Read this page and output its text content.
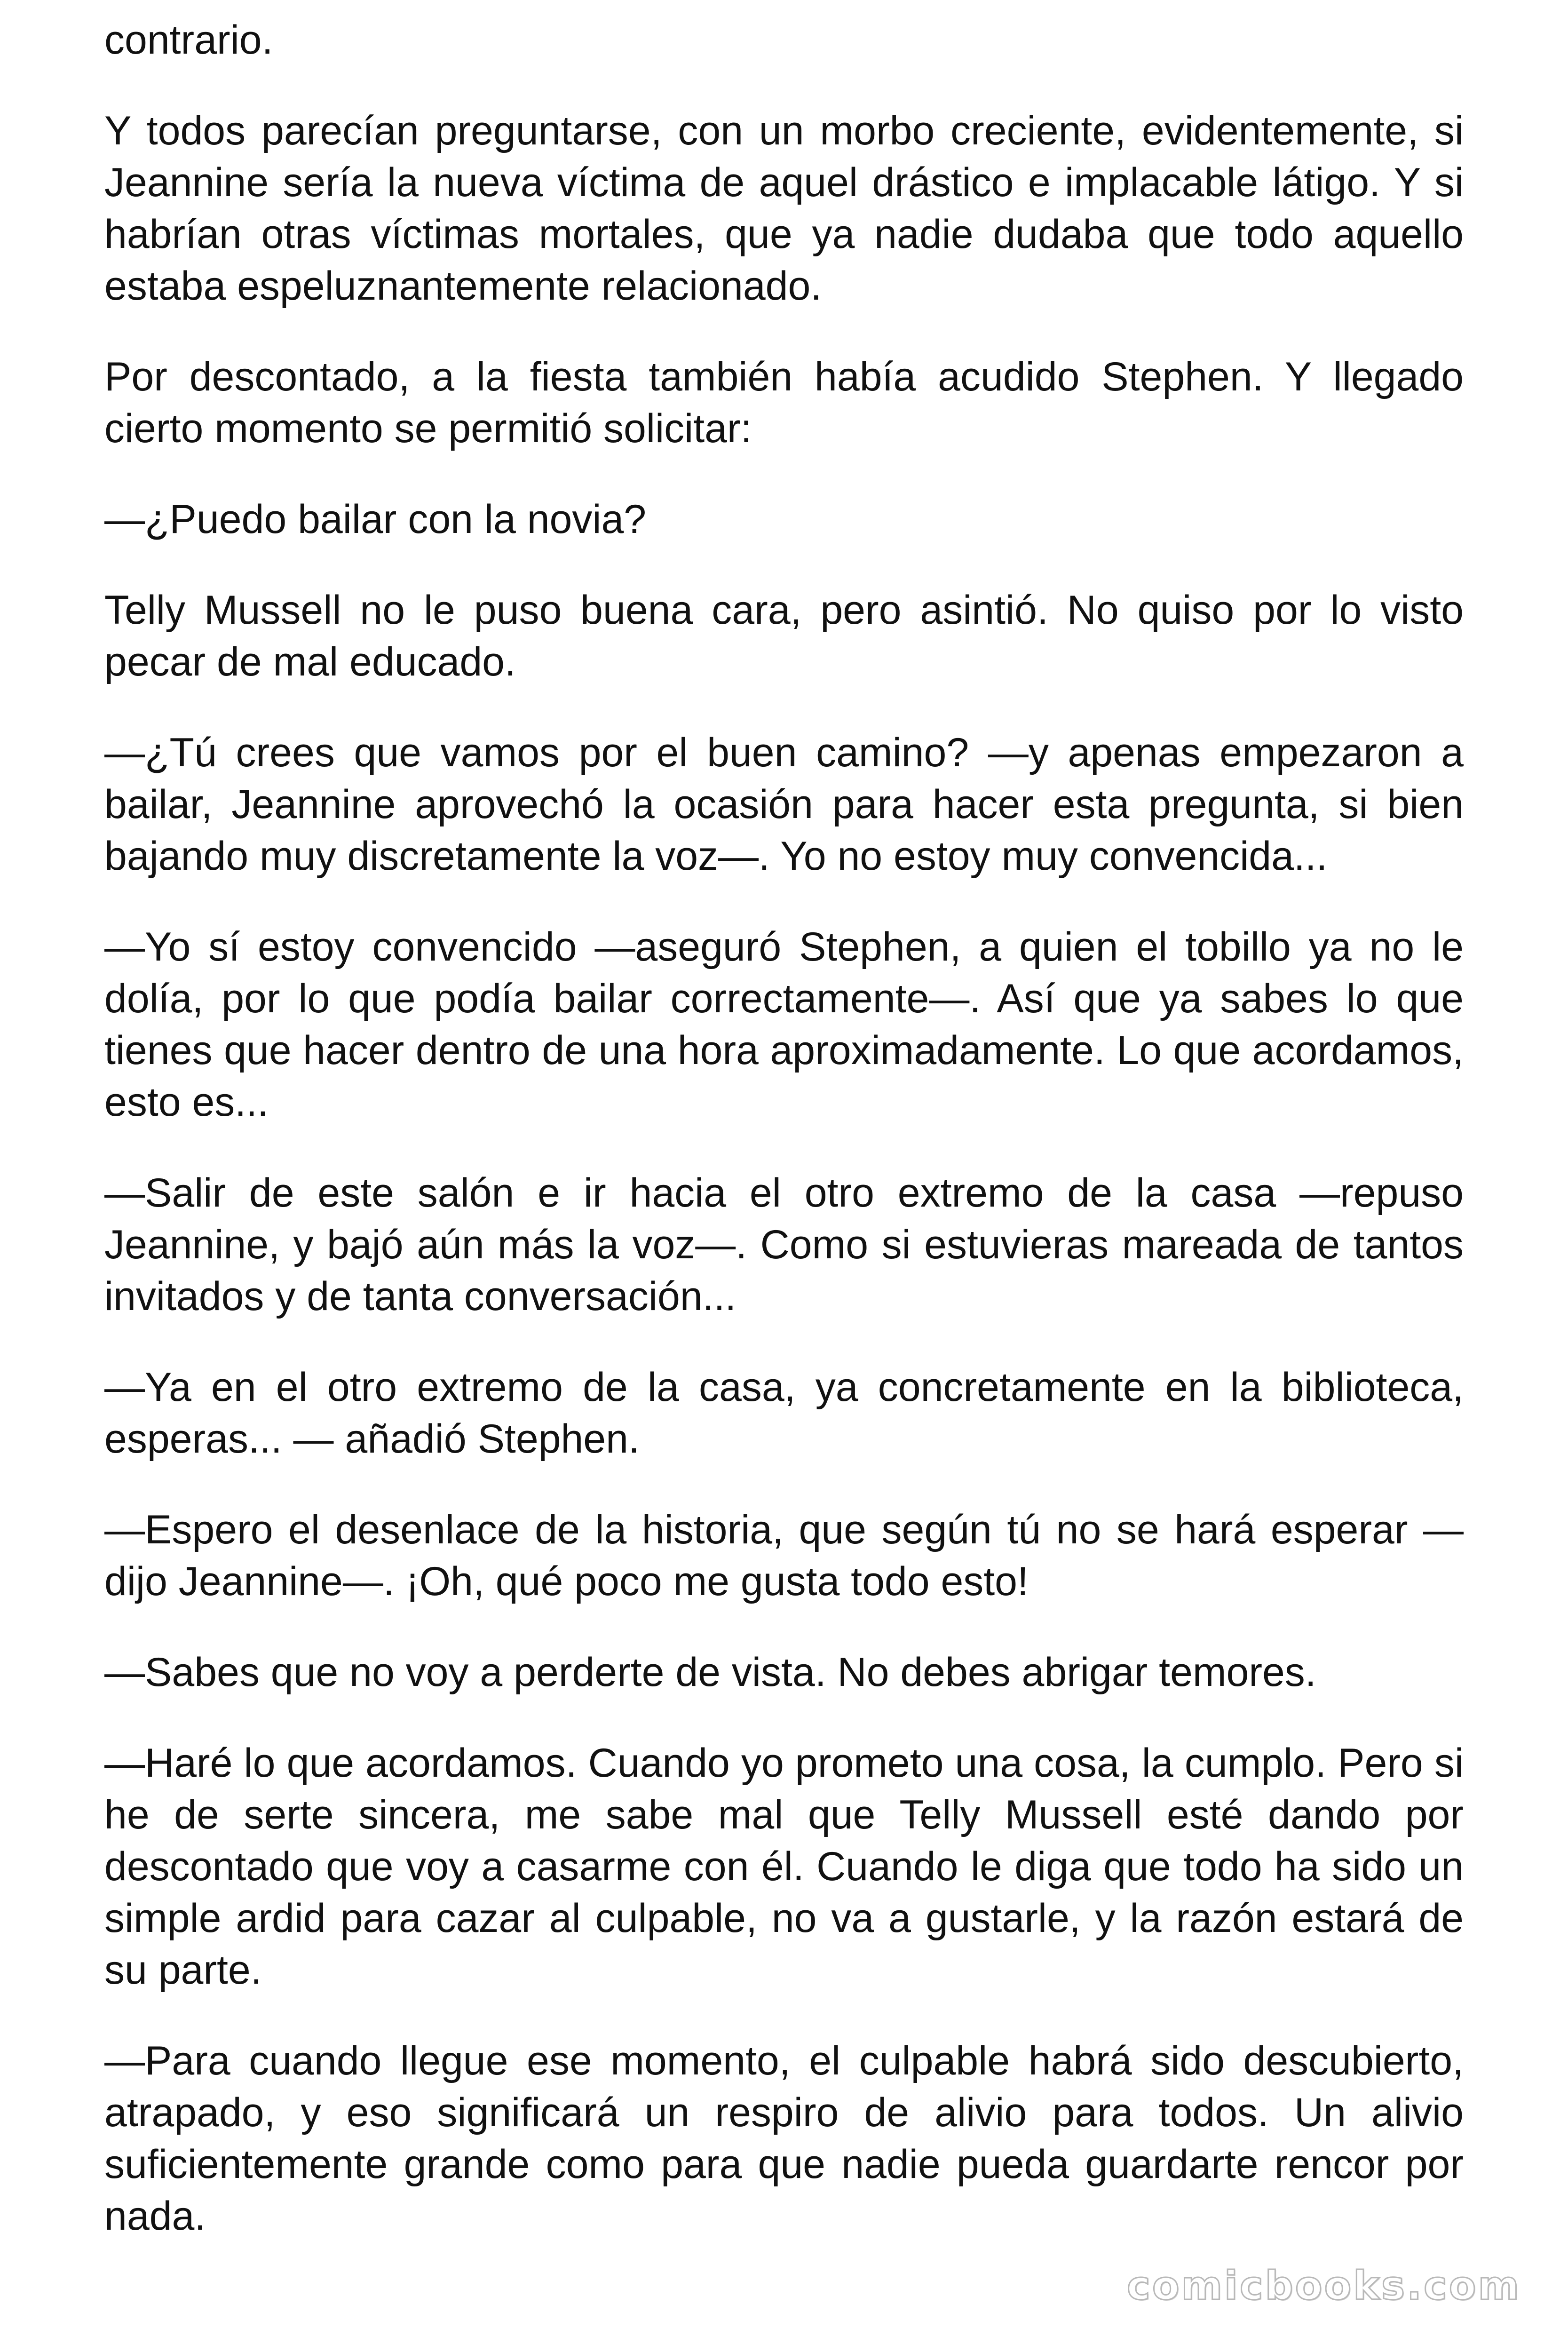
contrario.

Y todos parecían preguntarse, con un morbo creciente, evidentemente, si Jeannine sería la nueva víctima de aquel drástico e implacable látigo. Y si habrían otras víctimas mortales, que ya nadie dudaba que todo aquello estaba espeluznantemente relacionado.

Por descontado, a la fiesta también había acudido Stephen. Y llegado cierto momento se permitió solicitar:

—¿Puedo bailar con la novia?

Telly Mussell no le puso buena cara, pero asintió. No quiso por lo visto pecar de mal educado.

—¿Tú crees que vamos por el buen camino? —y apenas empezaron a bailar, Jeannine aprovechó la ocasión para hacer esta pregunta, si bien bajando muy discretamente la voz—. Yo no estoy muy convencida...

—Yo sí estoy convencido —aseguró Stephen, a quien el tobillo ya no le dolía, por lo que podía bailar correctamente—. Así que ya sabes lo que tienes que hacer dentro de una hora aproximadamente. Lo que acordamos, esto es...

—Salir de este salón e ir hacia el otro extremo de la casa —repuso Jeannine, y bajó aún más la voz—. Como si estuvieras mareada de tantos invitados y de tanta conversación...

—Ya en el otro extremo de la casa, ya concretamente en la biblioteca, esperas... — añadió Stephen.

—Espero el desenlace de la historia, que según tú no se hará esperar —dijo Jeannine—. ¡Oh, qué poco me gusta todo esto!

—Sabes que no voy a perderte de vista. No debes abrigar temores.

—Haré lo que acordamos. Cuando yo prometo una cosa, la cumplo. Pero si he de serte sincera, me sabe mal que Telly Mussell esté dando por descontado que voy a casarme con él. Cuando le diga que todo ha sido un simple ardid para cazar al culpable, no va a gustarle, y la razón estará de su parte.

—Para cuando llegue ese momento, el culpable habrá sido descubierto, atrapado, y eso significará un respiro de alivio para todos. Un alivio suficientemente grande como para que nadie pueda guardarte rencor por nada.

comicbooks.com
